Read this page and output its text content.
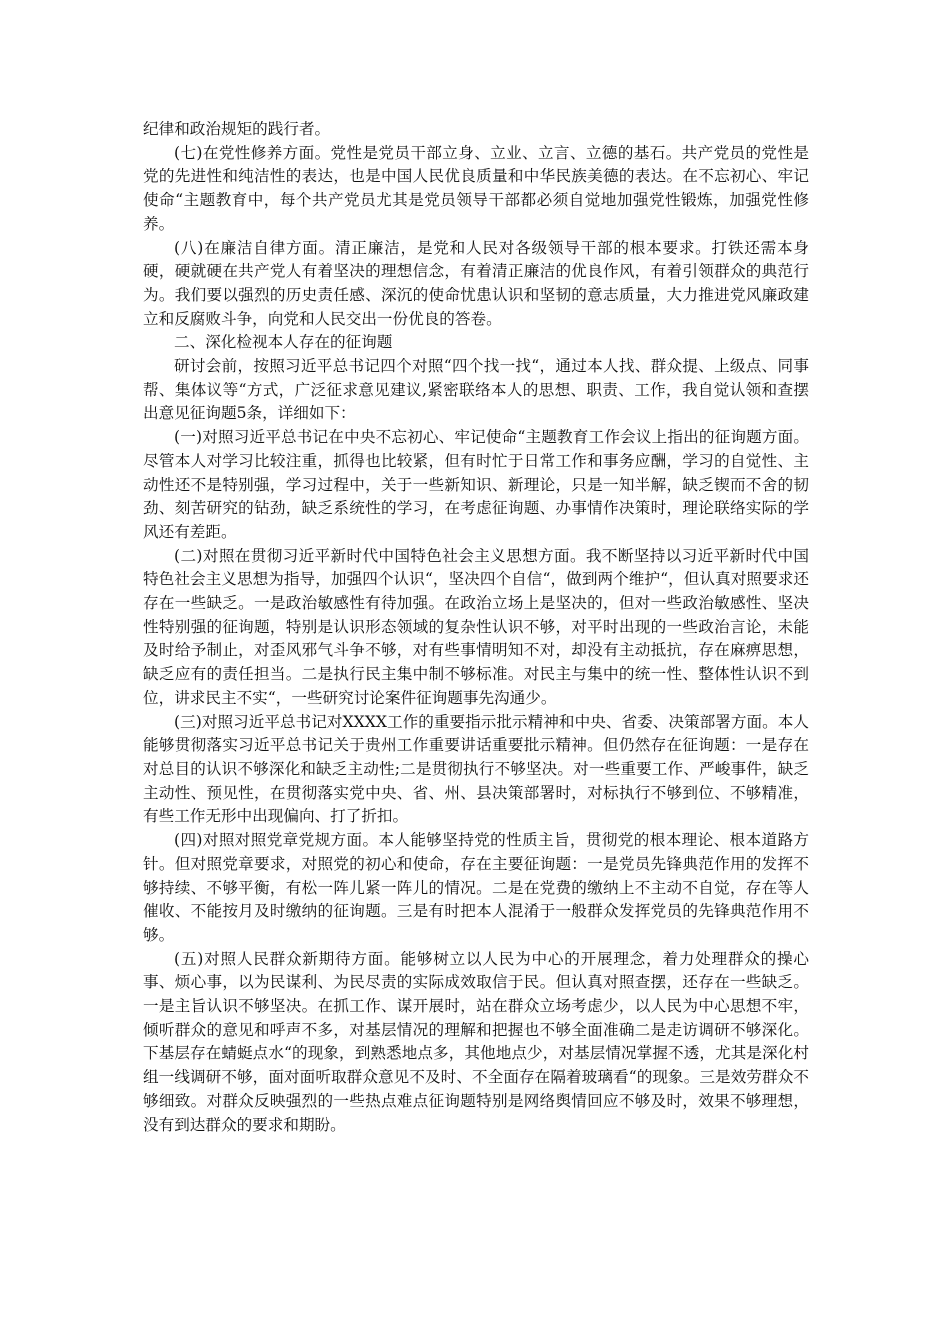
纪律和政治规矩的践行者。

(七)在党性修养方面。党性是党员干部立身、立业、立言、立德的基石。共产党员的党性是党的先进性和纯洁性的表达，也是中国人民优良质量和中华民族美德的表达。在不忘初心、牢记使命“主题教育中，每个共产党员尤其是党员领导干部都必须自觉地加强党性锻炼，加强党性修养。

(八)在廉洁自律方面。清正廉洁，是党和人民对各级领导干部的根本要求。打铁还需本身硬，硬就硬在共产党人有着坚决的理想信念，有着清正廉洁的优良作风，有着引领群众的典范行为。我们要以强烈的历史责任感、深沉的使命忧患认识和坚韧的意志质量，大力推进党风廉政建立和反腐败斗争，向党和人民交出一份优良的答卷。

二、深化检视本人存在的征询题

研讨会前，按照习近平总书记四个对照“四个找一找“，通过本人找、群众提、上级点、同事帮、集体议等“方式，广泛征求意见建议,紧密联络本人的思想、职责、工作，我自觉认领和查摆出意见征询题5条，详细如下：

(一)对照习近平总书记在中央不忘初心、牢记使命“主题教育工作会议上指出的征询题方面。尽管本人对学习比较注重，抓得也比较紧，但有时忙于日常工作和事务应酬，学习的自觉性、主动性还不是特别强，学习过程中，关于一些新知识、新理论，只是一知半解，缺乏锲而不舍的韧劲、刻苦研究的钻劲，缺乏系统性的学习，在考虑征询题、办事情作决策时，理论联络实际的学风还有差距。

(二)对照在贯彻习近平新时代中国特色社会主义思想方面。我不断坚持以习近平新时代中国特色社会主义思想为指导，加强四个认识“，坚决四个自信“，做到两个维护“，但认真对照要求还存在一些缺乏。一是政治敏感性有待加强。在政治立场上是坚决的，但对一些政治敏感性、坚决性特别强的征询题，特别是认识形态领域的复杂性认识不够，对平时出现的一些政治言论，未能及时给予制止，对歪风邪气斗争不够，对有些事情明知不对，却没有主动抵抗，存在麻痹思想，缺乏应有的责任担当。二是执行民主集中制不够标准。对民主与集中的统一性、整体性认识不到位，讲求民主不实“，一些研究讨论案件征询题事先沟通少。

(三)对照习近平总书记对XXXX工作的重要指示批示精神和中央、省委、决策部署方面。本人能够贯彻落实习近平总书记关于贵州工作重要讲话重要批示精神。但仍然存在征询题：一是存在对总目的认识不够深化和缺乏主动性;二是贯彻执行不够坚决。对一些重要工作、严峻事件，缺乏主动性、预见性，在贯彻落实党中央、省、州、县决策部署时，对标执行不够到位、不够精准，有些工作无形中出现偏向、打了折扣。

(四)对照对照党章党规方面。本人能够坚持党的性质主旨，贯彻党的根本理论、根本道路方针。但对照党章要求，对照党的初心和使命，存在主要征询题：一是党员先锋典范作用的发挥不够持续、不够平衡，有松一阵儿紧一阵儿的情况。二是在党费的缴纳上不主动不自觉，存在等人催收、不能按月及时缴纳的征询题。三是有时把本人混淆于一般群众发挥党员的先锋典范作用不够。

(五)对照人民群众新期待方面。能够树立以人民为中心的开展理念，着力处理群众的操心事、烦心事，以为民谋利、为民尽责的实际成效取信于民。但认真对照查摆，还存在一些缺乏。一是主旨认识不够坚决。在抓工作、谋开展时，站在群众立场考虑少，以人民为中心思想不牢，倾听群众的意见和呼声不多，对基层情况的理解和把握也不够全面准确二是走访调研不够深化。下基层存在蜻蜓点水“的现象，到熟悉地点多，其他地点少，对基层情况掌握不透，尤其是深化村组一线调研不够，面对面听取群众意见不及时、不全面存在隔着玻璃看“的现象。三是效劳群众不够细致。对群众反映强烈的一些热点难点征询题特别是网络舆情回应不够及时，效果不够理想，没有到达群众的要求和期盼。
